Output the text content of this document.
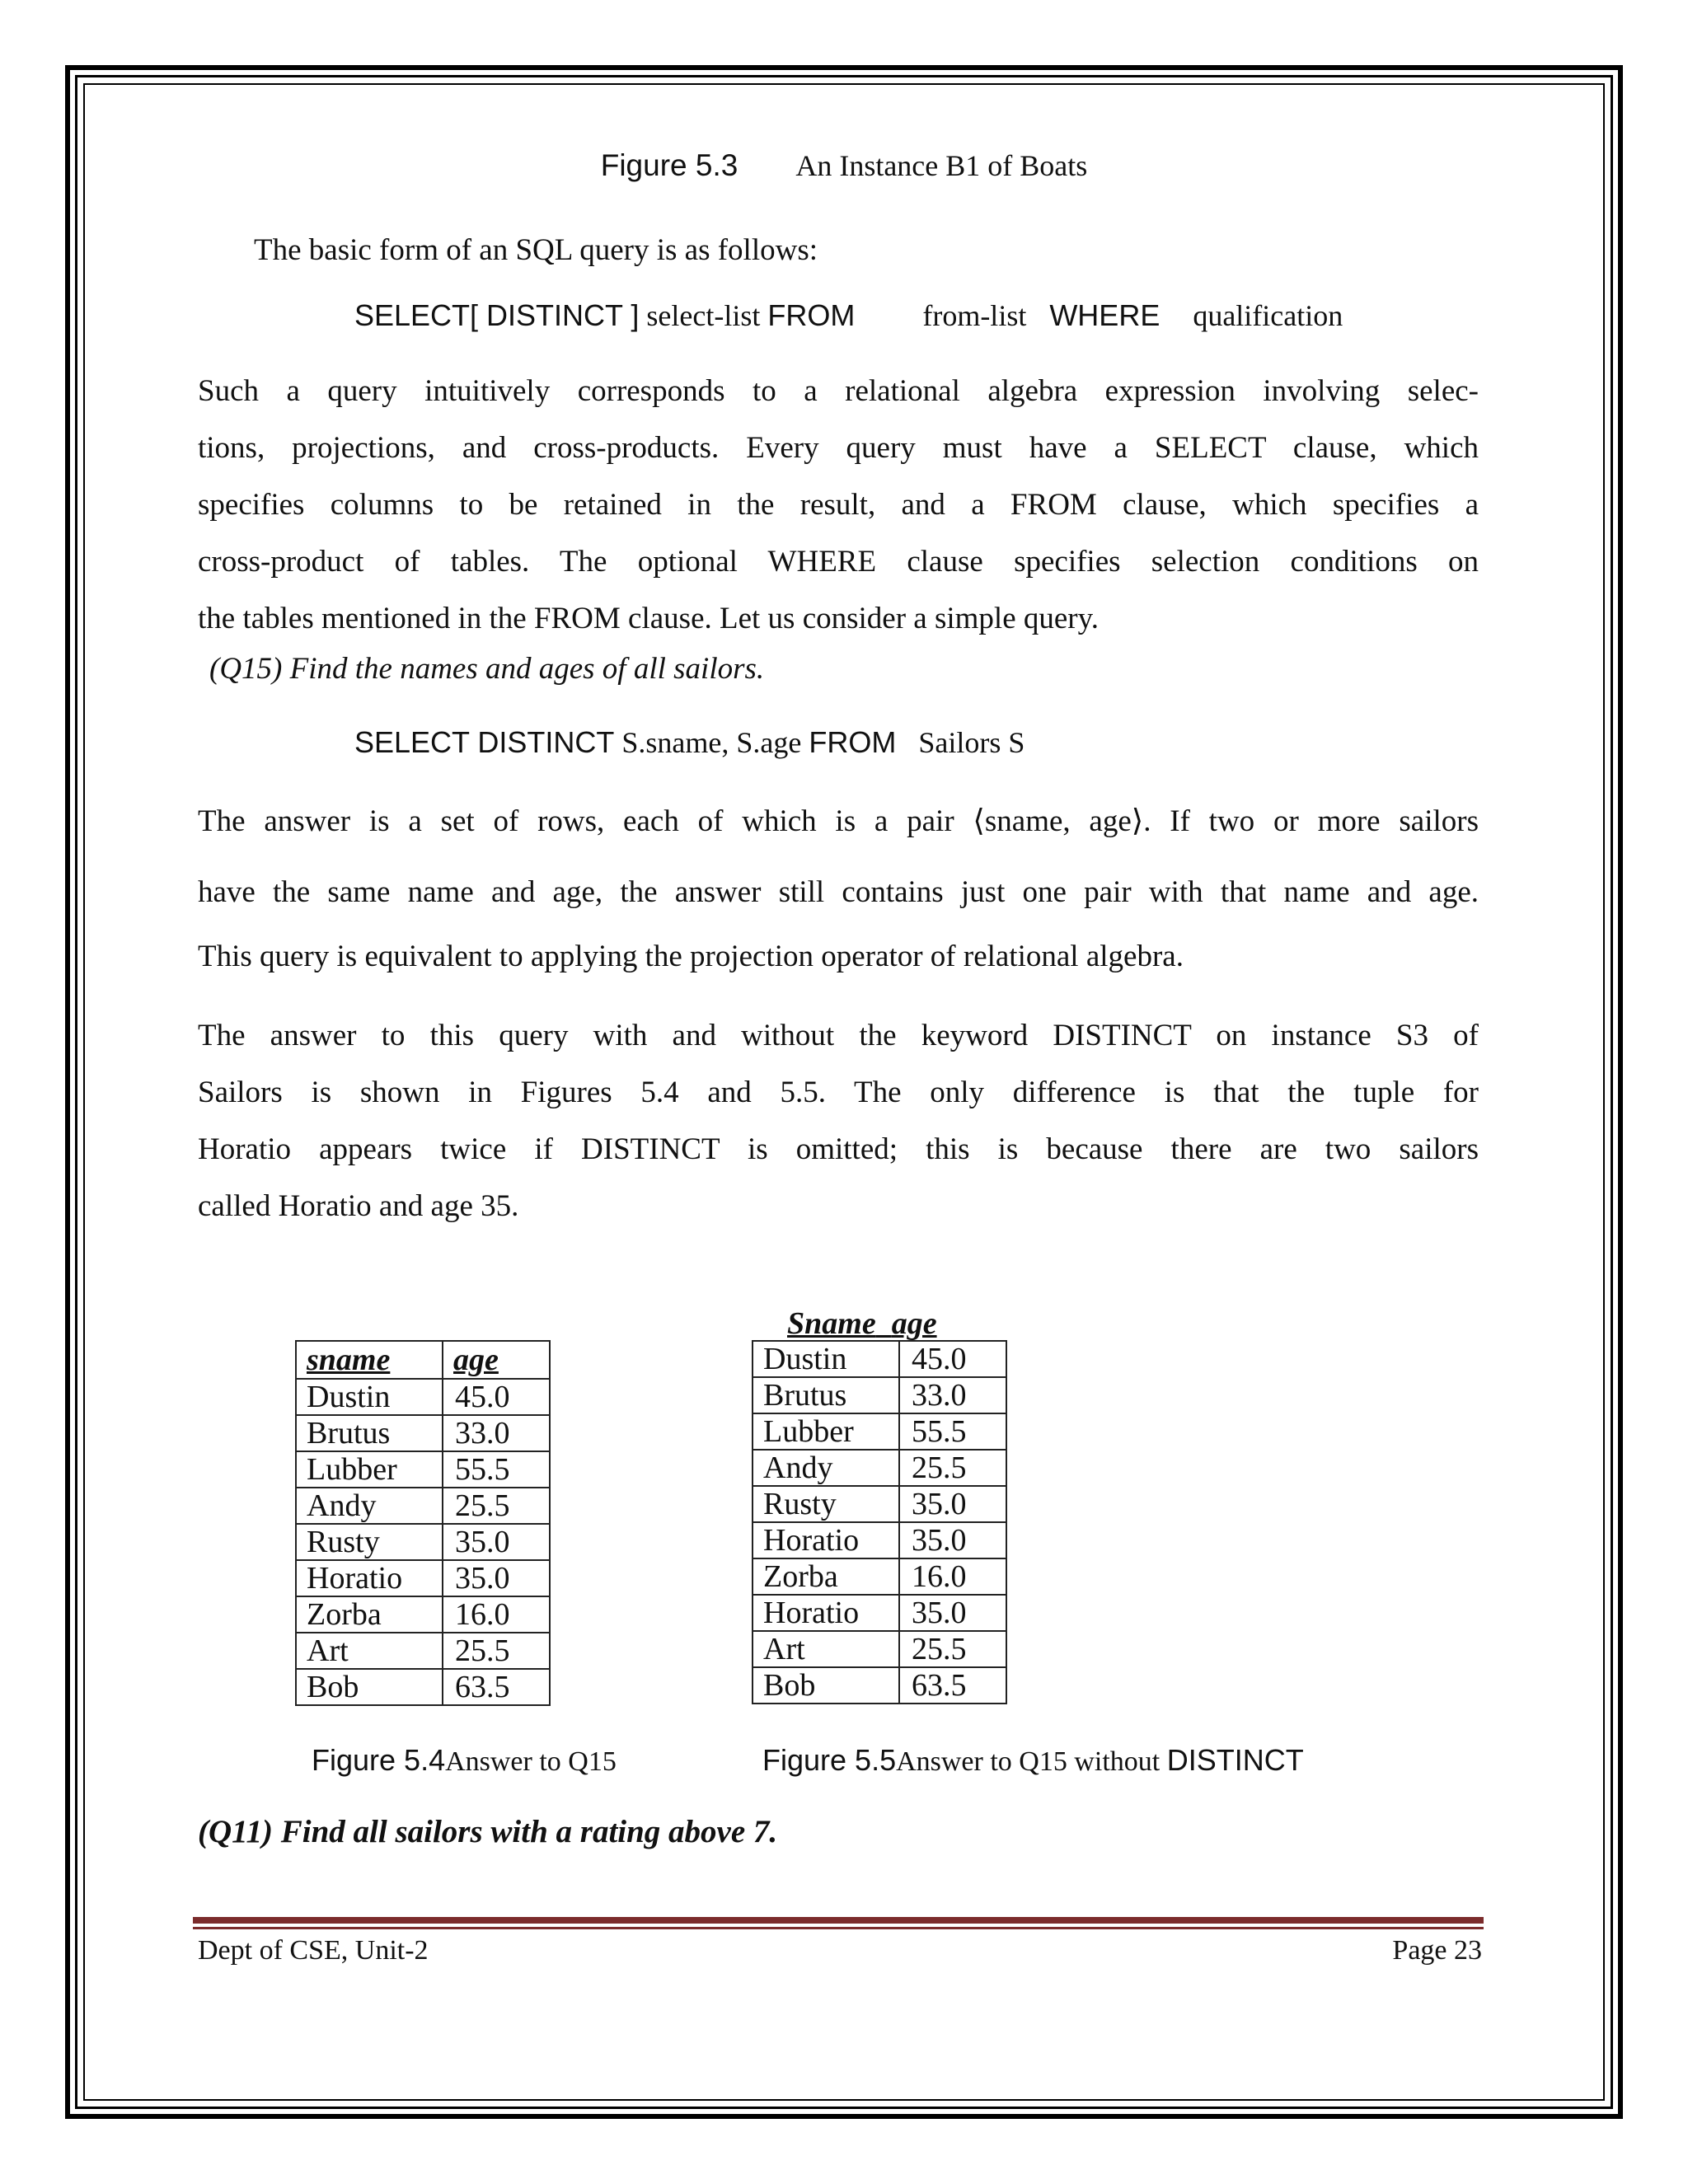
Figure 5.3 An Instance B1 of Boats
The basic form of an SQL query is as follows:
SELECT[ DISTINCT ] select-list FROM from-list WHERE qualification
Such a query intuitively corresponds to a relational algebra expression involving selec-
tions, projections, and cross-products. Every query must have a SELECT clause, which
specifies columns to be retained in the result, and a FROM clause, which specifies a
cross-product of tables. The optional WHERE clause specifies selection conditions on
the tables mentioned in the FROM clause. Let us consider a simple query.
(Q15) Find the names and ages of all sailors.
SELECT DISTINCT S.sname, S.age FROM Sailors S
The answer is a set of rows, each of which is a pair ⟨sname, age⟩. If two or more sailors
have the same name and age, the answer still contains just one pair with that name and age.
This query is equivalent to applying the projection operator of relational algebra.
The answer to this query with and without the keyword DISTINCT on instance S3 of
Sailors is shown in Figures 5.4 and 5.5. The only difference is that the tuple for
Horatio appears twice if DISTINCT is omitted; this is because there are two sailors
called Horatio and age 35.
sname	age
Dustin	45.0
Brutus	33.0
Lubber	55.5
Andy	25.5
Rusty	35.0
Horatio	35.0
Zorba	16.0
Art	25.5
Bob	63.5
Sname age
Dustin	45.0
Brutus	33.0
Lubber	55.5
Andy	25.5
Rusty	35.0
Horatio	35.0
Zorba	16.0
Horatio	35.0
Art	25.5
Bob	63.5
Figure 5.4Answer to Q15	Figure 5.5Answer to Q15 without DISTINCT
(Q11) Find all sailors with a rating above 7.
Dept of CSE, Unit-2	Page 23
